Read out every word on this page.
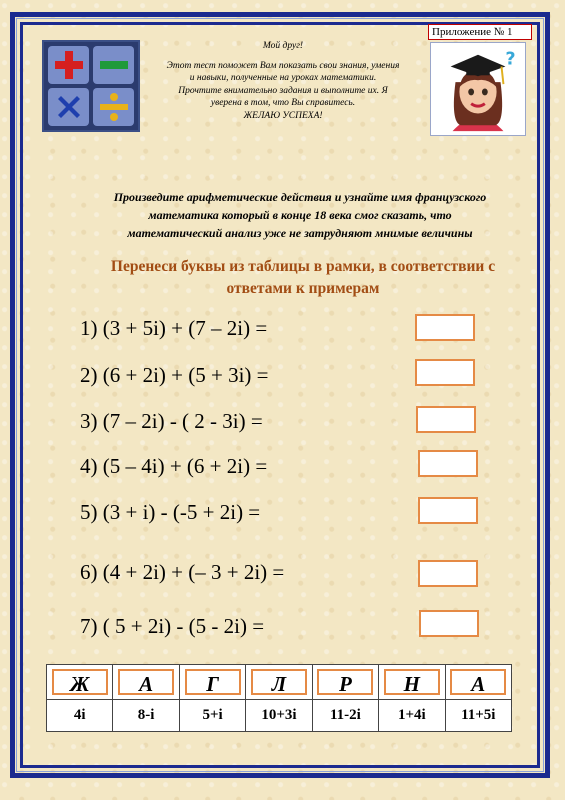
Приложение № 1

Мой друг!

Этот тест поможет Вам показать свои знания, умения

и навыки, полученные на уроках математики.

Прочтите внимательно задания и выполните их. Я

уверена в том, что Вы справитесь.

ЖЕЛАЮ УСПЕХА!

?
Произведите арифметические действия и узнайте имя французского
математика который в конце 18 века смог сказать, что
математический анализ уже не затрудняют мнимые величины
Перенеси буквы из таблицы в рамки, в соответствии с
ответами к примерам
1) (3 + 5i) + (7 – 2i) =
2) (6 + 2i) + (5 + 3i) =
3) (7 – 2i) - ( 2 - 3i) =
4) (5 – 4i) + (6 + 2i) =
5) (3 + i) - (-5 + 2i) =
6) (4 + 2i) + (– 3 + 2i) =
7) ( 5 + 2i) - (5 - 2i) =
Ж	А	Г	Л	Р	Н	А
4i	8-i	5+i	10+3i	11-2i	1+4i	11+5i
